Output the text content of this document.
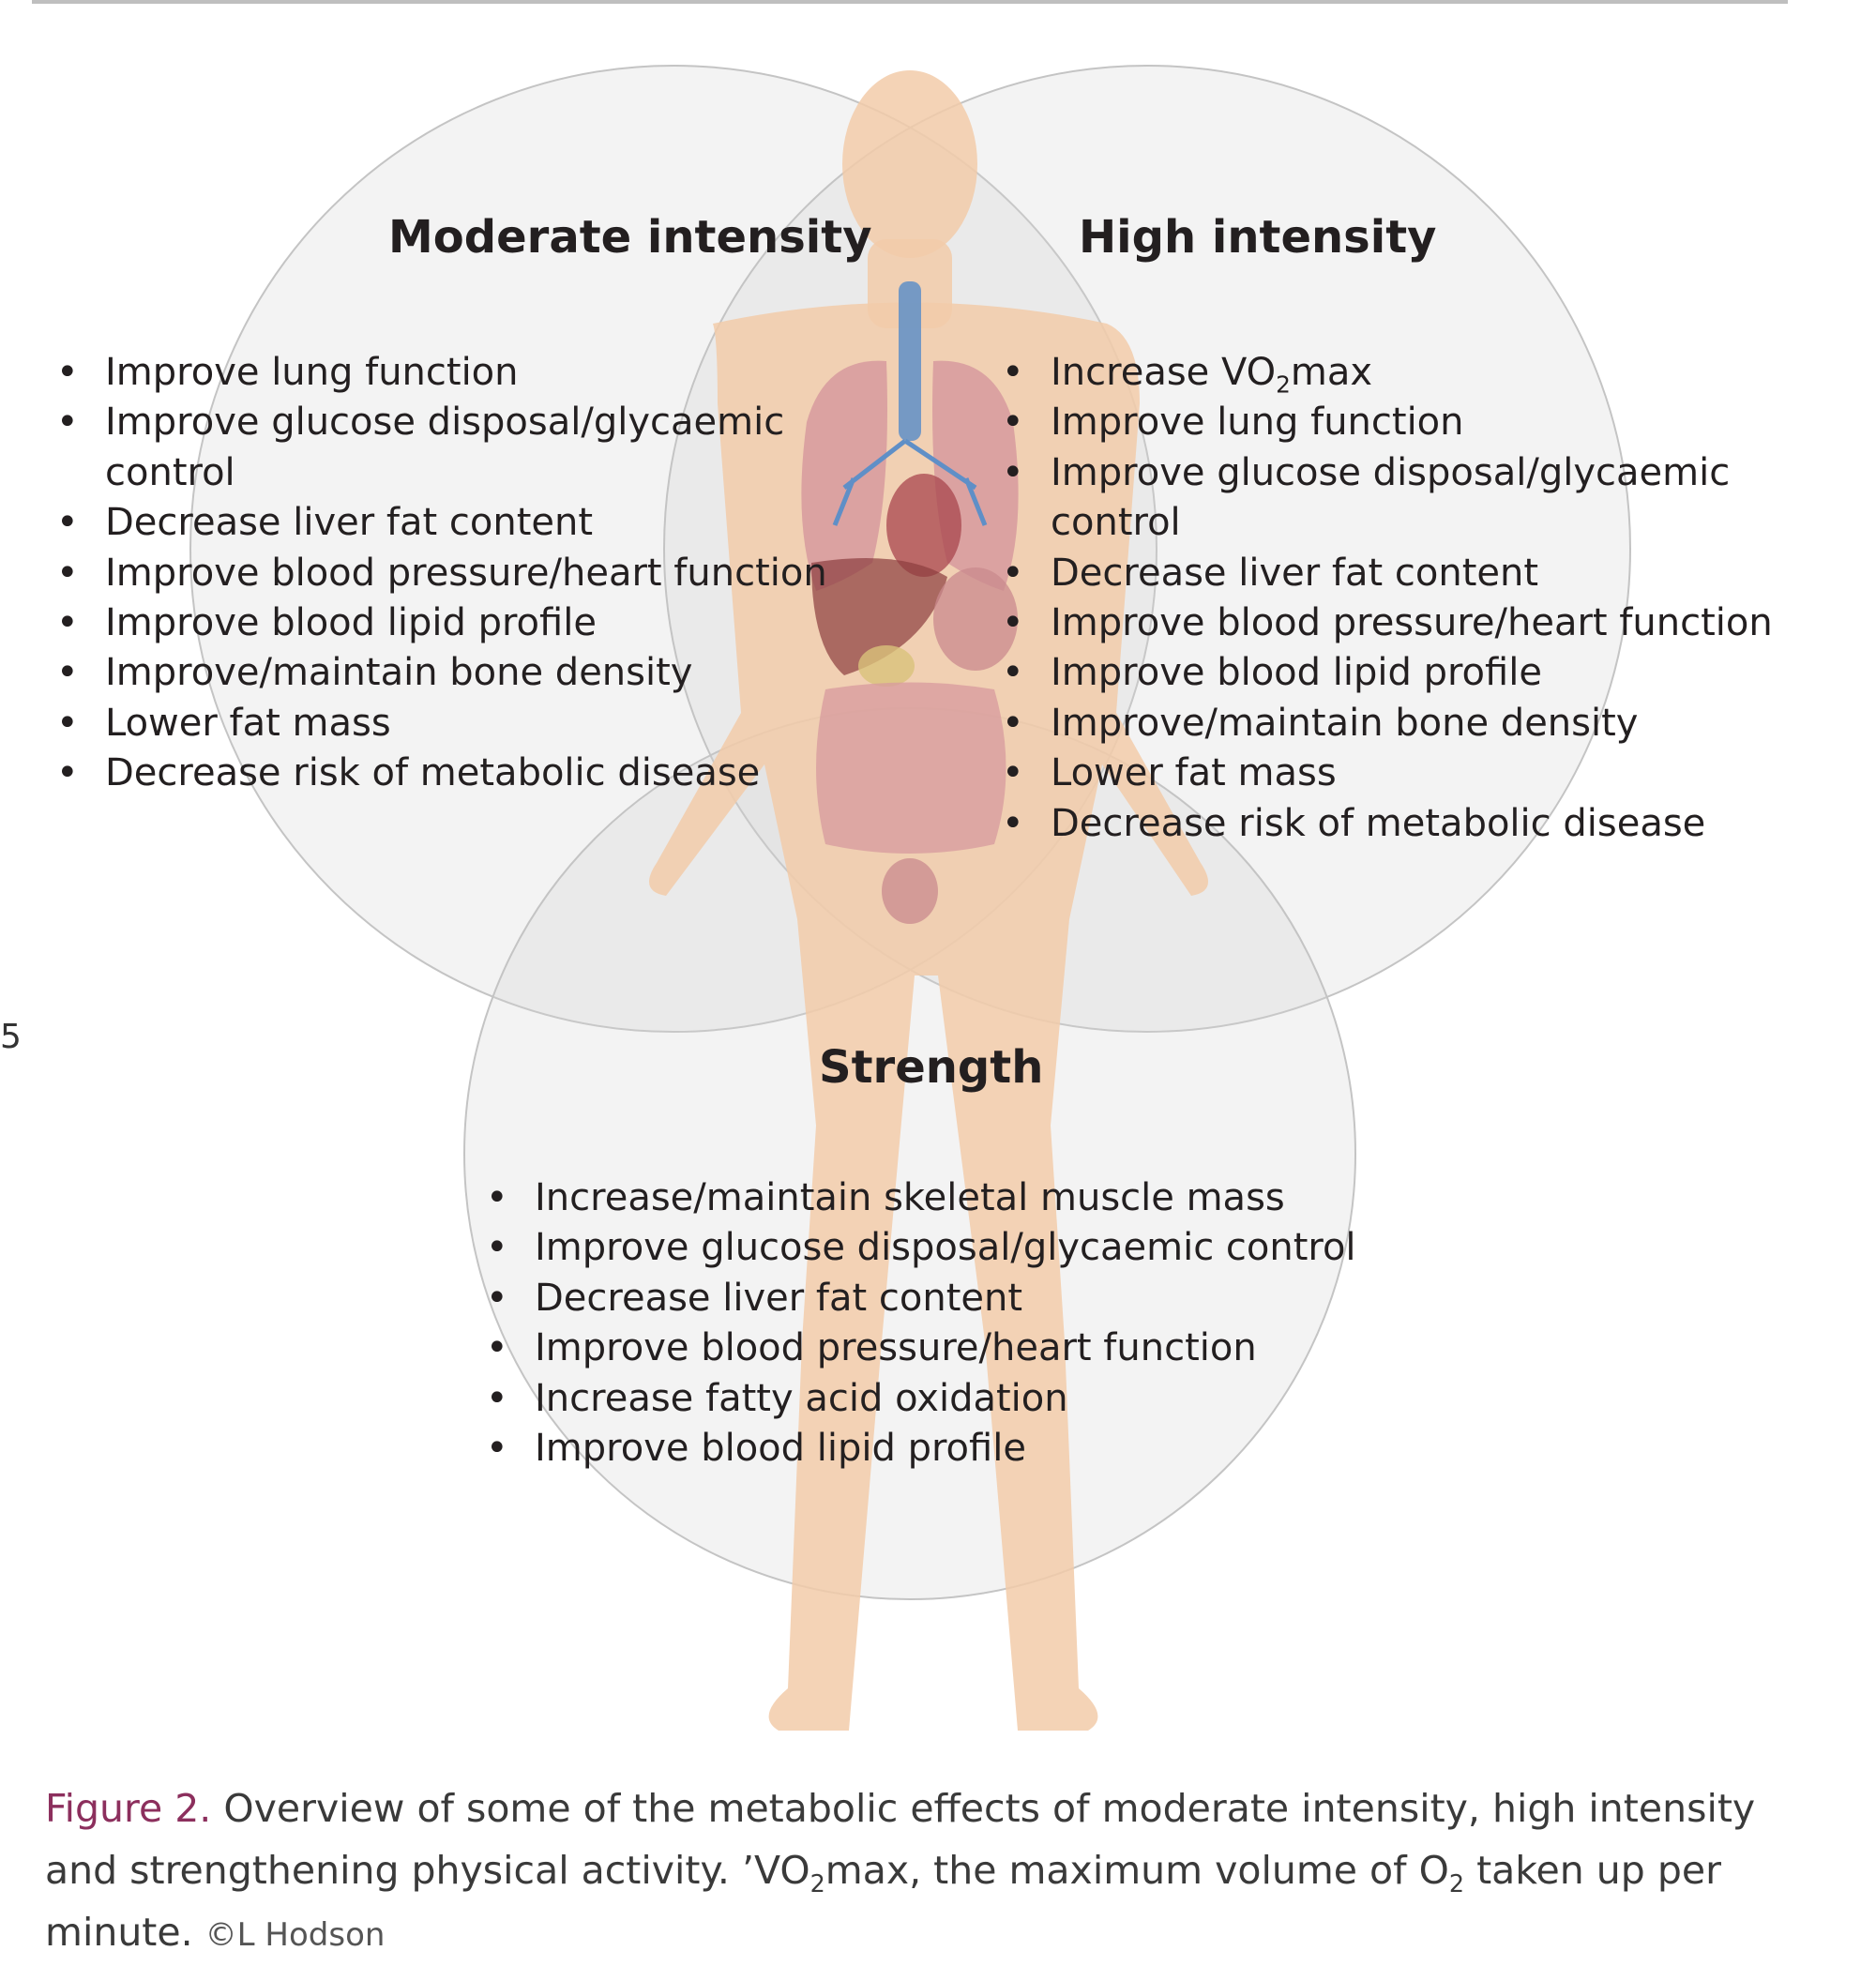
5
Moderate intensity
• Improve lung function
• Improve glucose disposal/glycaemic
control
• Decrease liver fat content
• Improve blood pressure/heart function
• Improve blood lipid profile
• Improve/maintain bone density
• Lower fat mass
• Decrease risk of metabolic disease
High intensity
• Increase $VO_2\max$
• Improve lung function
• Improve glucose disposal/glycaemic
control
• Decrease liver fat content
• Improve blood pressure/heart function
• Improve blood lipid profile
• Improve/maintain bone density
• Lower fat mass
• Decrease risk of metabolic disease
Strength
• Increase/maintain skeletal muscle mass
• Improve glucose disposal/glycaemic control
• Decrease liver fat content
• Improve blood pressure/heart function
• Increase fatty acid oxidation
• Improve blood lipid profile
Figure 2. Overview of some of the metabolic effects of moderate intensity, high intensity and strengthening physical activity. $’VO_2\max$, the maximum volume of $O_2$ taken up per minute. ©L Hodson
